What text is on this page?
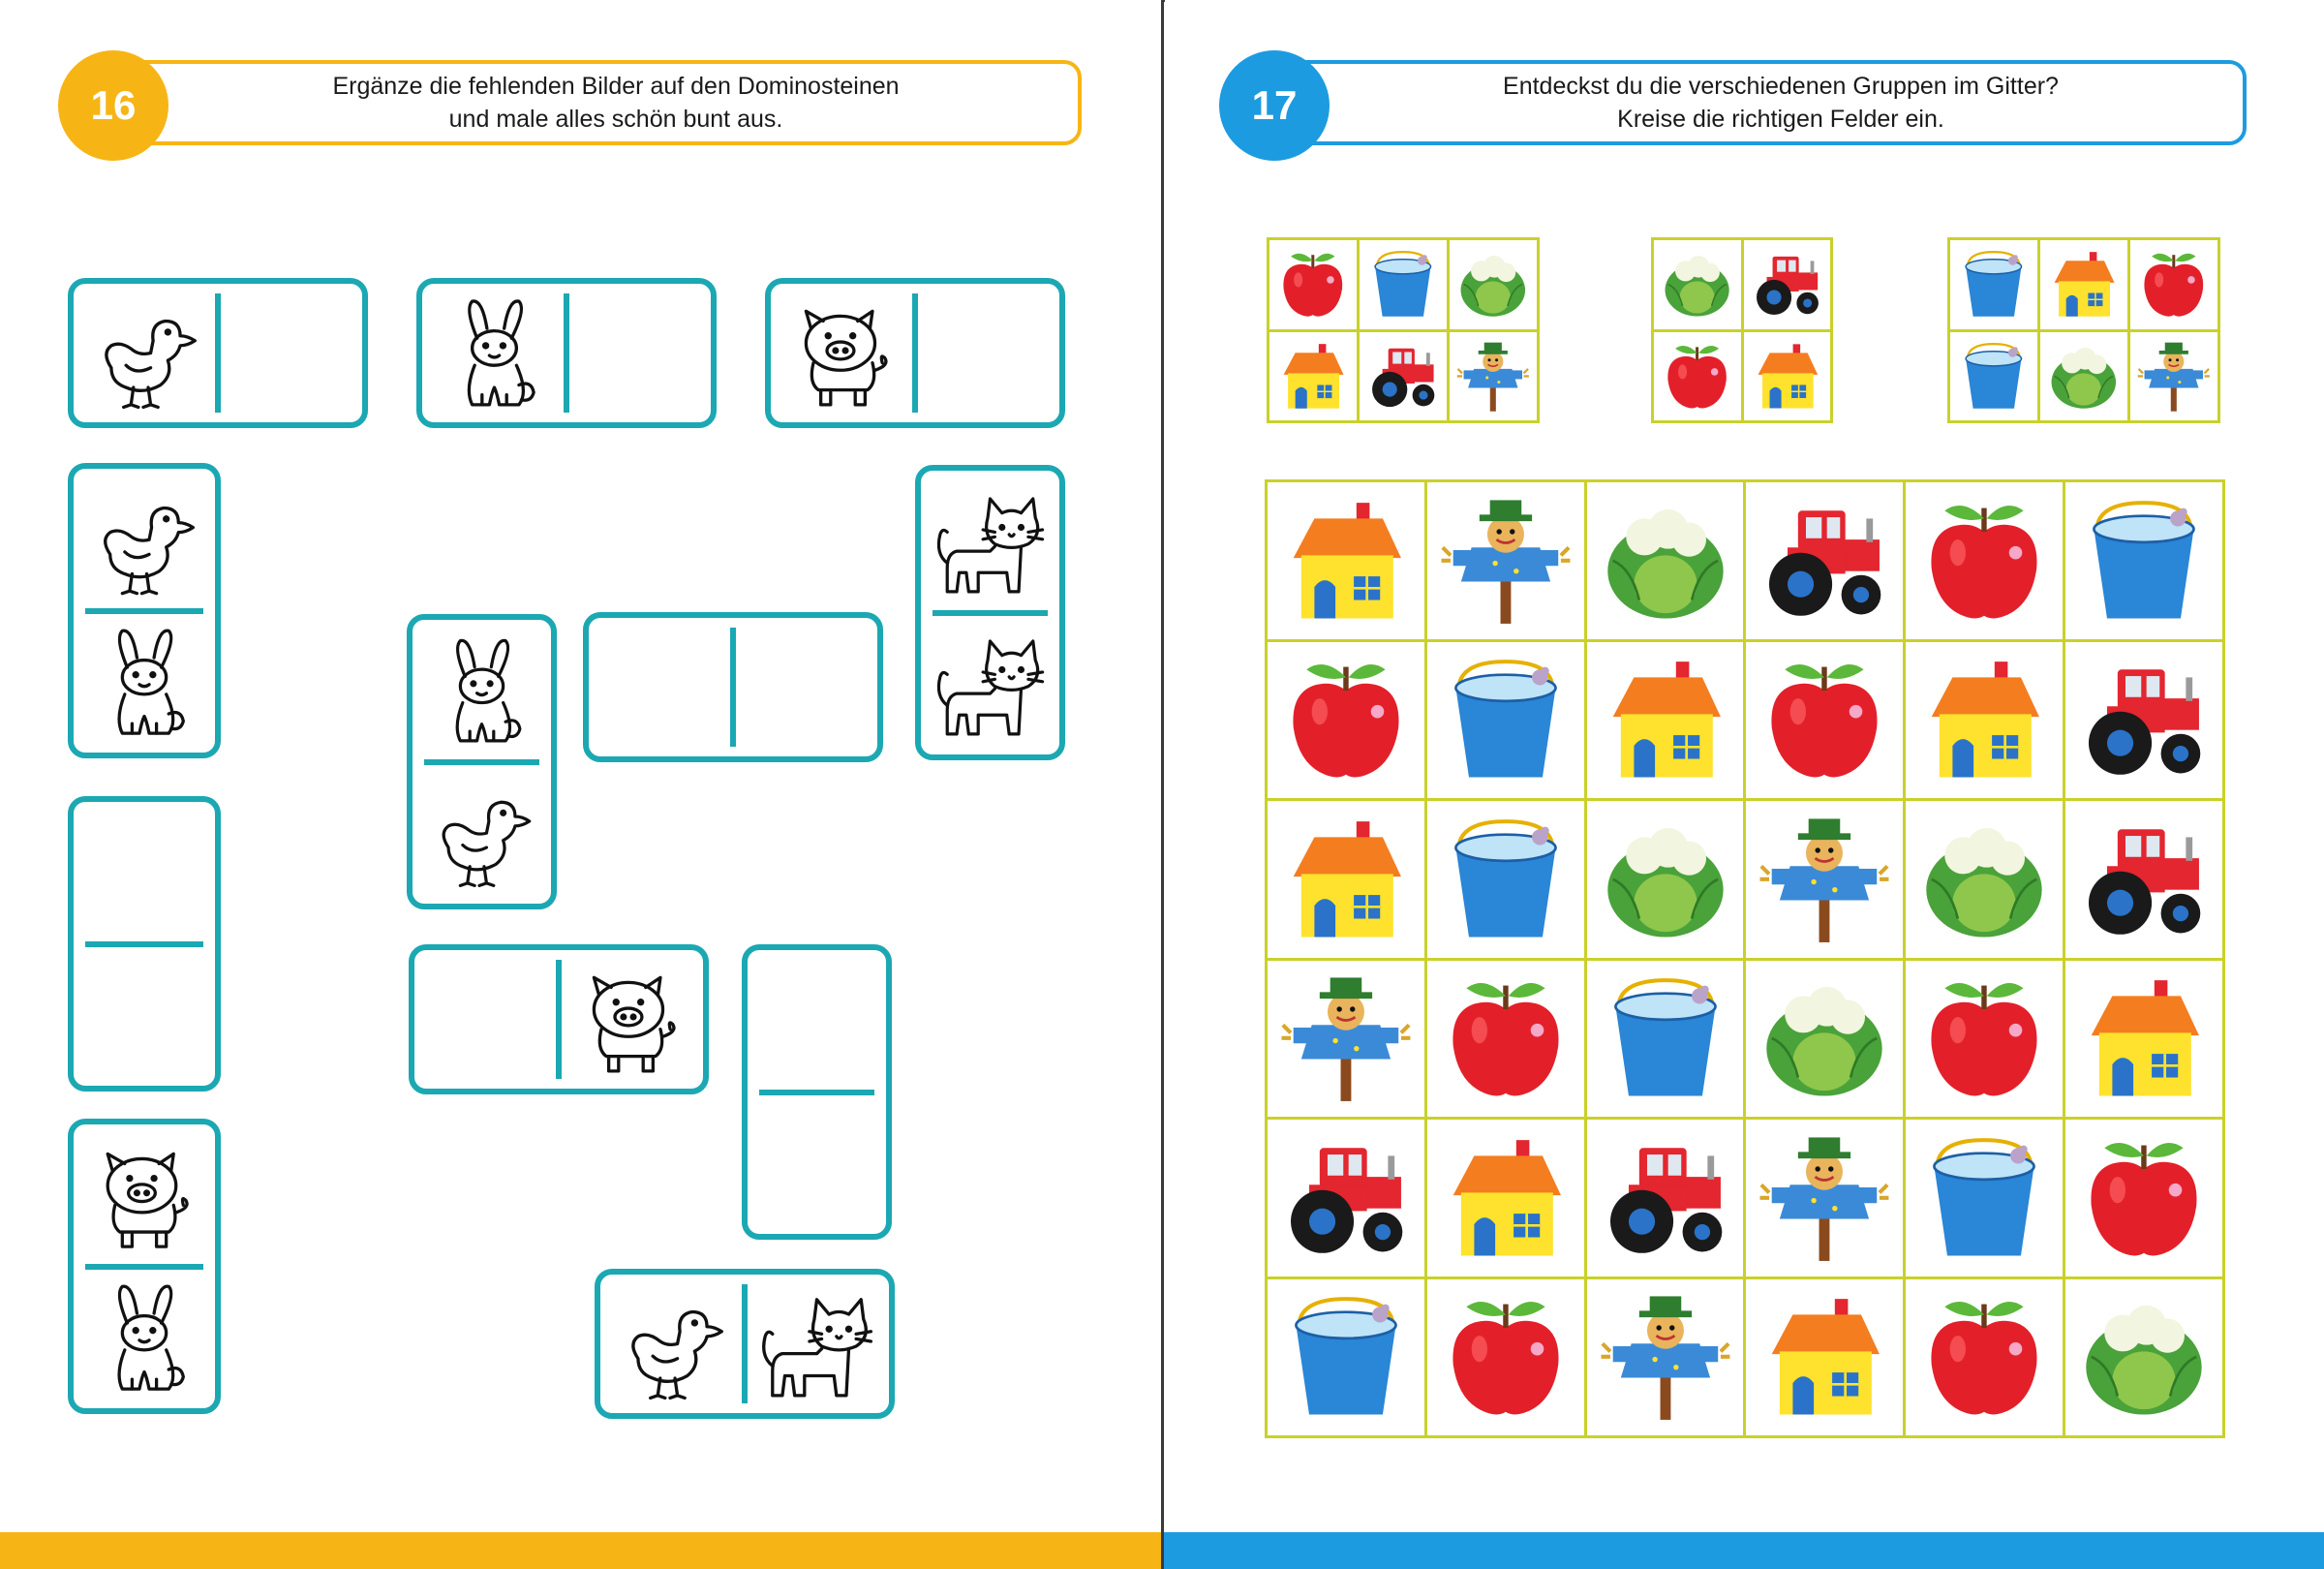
Ergänze die fehlenden Bilder auf den Dominosteinen
und male alles schön bunt aus.
16	Entdeckst du die verschiedenen Gruppen im Gitter?
Kreise die richtigen Felder ein.
17
